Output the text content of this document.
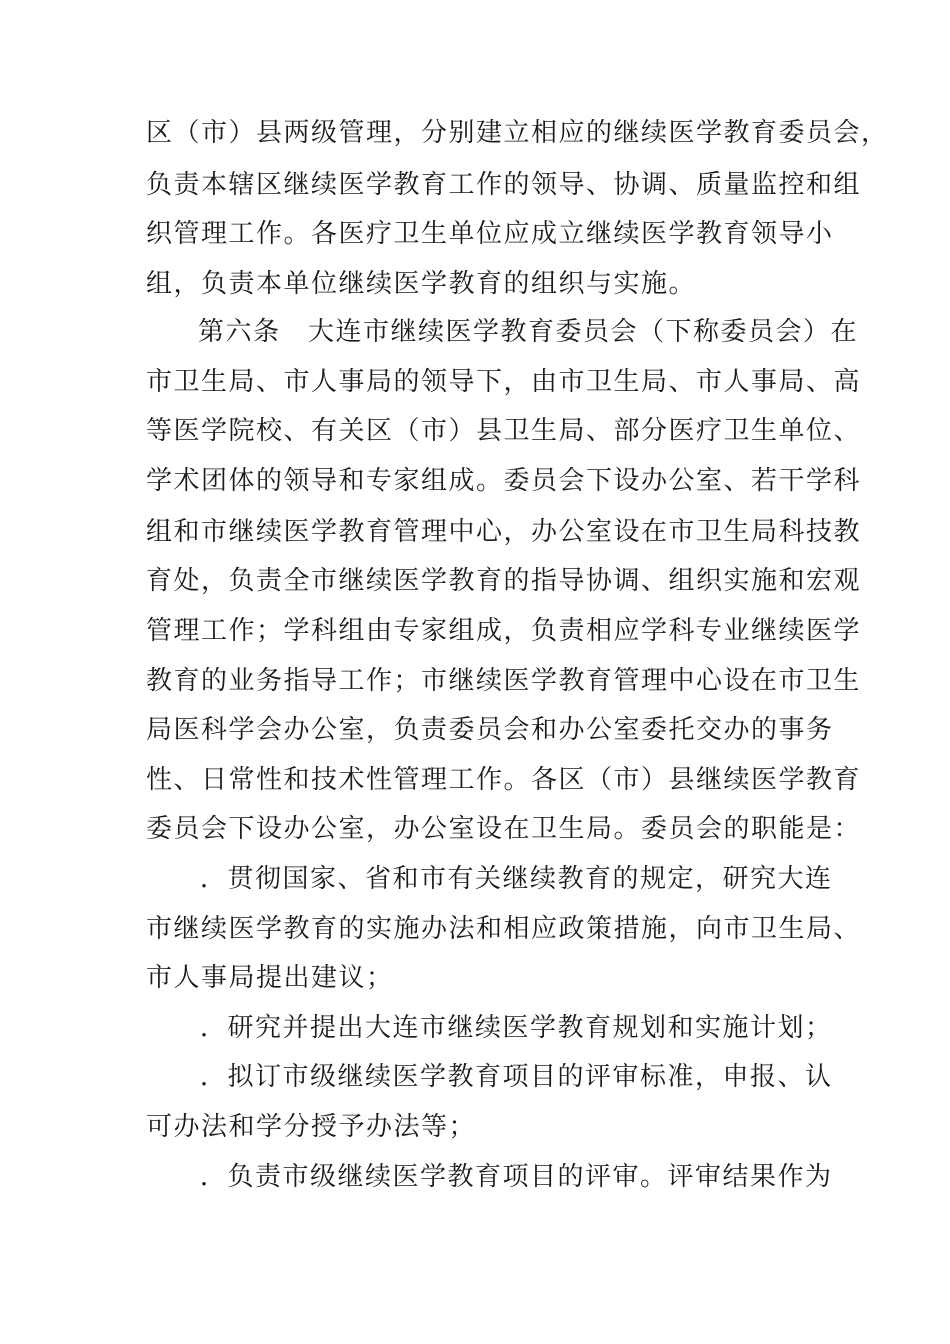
区（市）县两级管理，分别建立相应的继续医学教育委员会，
负责本辖区继续医学教育工作的领导、协调、质量监控和组
织管理工作。各医疗卫生单位应成立继续医学教育领导小
组，负责本单位继续医学教育的组织与实施。
第六条　大连市继续医学教育委员会（下称委员会）在
市卫生局、市人事局的领导下，由市卫生局、市人事局、高
等医学院校、有关区（市）县卫生局、部分医疗卫生单位、
学术团体的领导和专家组成。委员会下设办公室、若干学科
组和市继续医学教育管理中心，办公室设在市卫生局科技教
育处，负责全市继续医学教育的指导协调、组织实施和宏观
管理工作；学科组由专家组成，负责相应学科专业继续医学
教育的业务指导工作；市继续医学教育管理中心设在市卫生
局医科学会办公室，负责委员会和办公室委托交办的事务
性、日常性和技术性管理工作。各区（市）县继续医学教育
委员会下设办公室，办公室设在卫生局。委员会的职能是：
．贯彻国家、省和市有关继续教育的规定，研究大连
市继续医学教育的实施办法和相应政策措施，向市卫生局、
市人事局提出建议；
．研究并提出大连市继续医学教育规划和实施计划；
．拟订市级继续医学教育项目的评审标准，申报、认
可办法和学分授予办法等；
．负责市级继续医学教育项目的评审。评审结果作为
